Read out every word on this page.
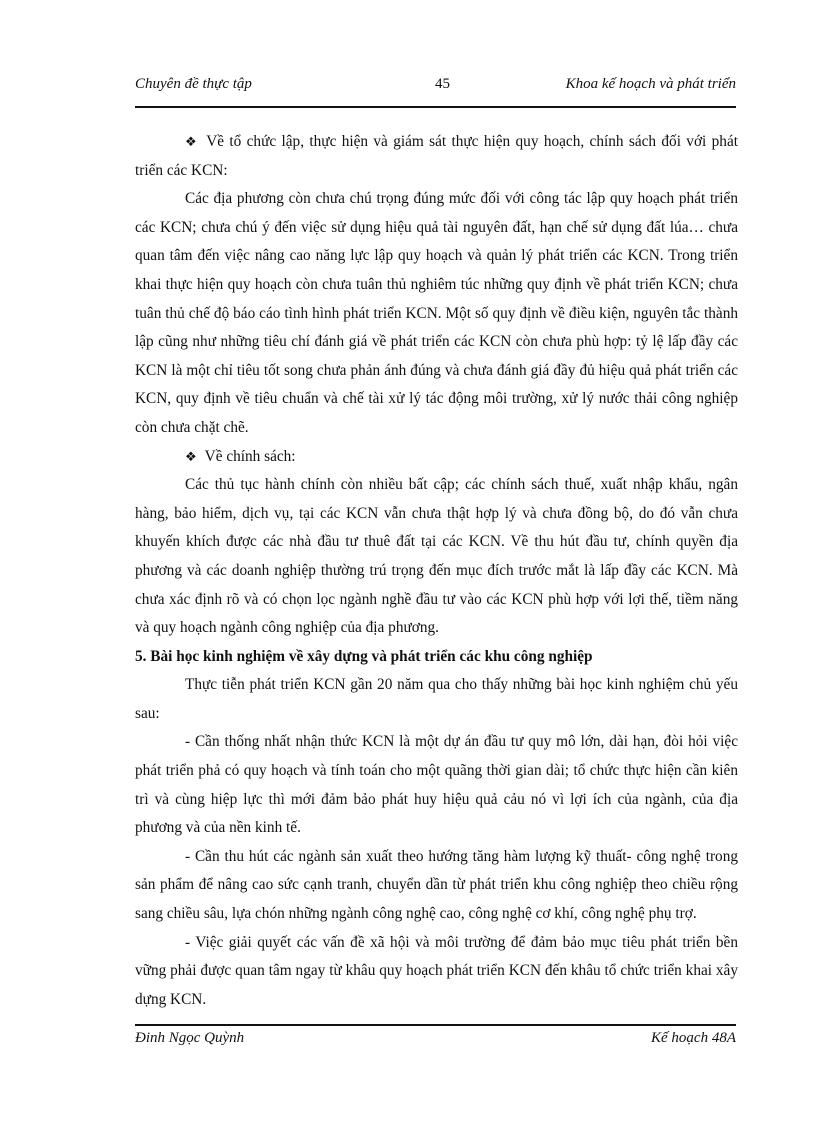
Chuyên đề thực tập	45	Khoa kế hoạch và phát triển

❖ Về tổ chức lập, thực hiện và giám sát thực hiện quy hoạch, chính sách đối với phát triển các KCN:

Các địa phương còn chưa chú trọng đúng mức đối với công tác lập quy hoạch phát triển các KCN; chưa chú ý đến việc sử dụng hiệu quả tài nguyên đất, hạn chế sử dụng đất lúa… chưa quan tâm đến việc nâng cao năng lực lập quy hoạch và quản lý phát triển các KCN. Trong triển khai thực hiện quy hoạch còn chưa tuân thủ nghiêm túc những quy định về phát triển KCN; chưa tuân thủ chế độ báo cáo tình hình phát triển KCN. Một số quy định về điều kiện, nguyên tắc thành lập cũng như những tiêu chí đánh giá về phát triển các KCN còn chưa phù hợp: tỷ lệ lấp đầy các KCN là một chỉ tiêu tốt song chưa phản ánh đúng và chưa đánh giá đầy đủ hiệu quả phát triển các KCN, quy định về tiêu chuẩn và chế tài xử lý tác động môi trường, xử lý nước thải công nghiệp còn chưa chặt chẽ.

❖ Về chính sách:

Các thủ tục hành chính còn nhiều bất cập; các chính sách thuế, xuất nhập khẩu, ngân hàng, bảo hiểm, dịch vụ, tại các KCN vẫn chưa thật hợp lý và chưa đồng bộ, do đó vẫn chưa khuyến khích được các nhà đầu tư thuê đất tại các KCN. Về thu hút đầu tư, chính quyền địa phương và các doanh nghiệp thường trú trọng đến mục đích trước mắt là lấp đầy các KCN. Mà chưa xác định rõ và có chọn lọc ngành nghề đầu tư vào các KCN phù hợp với lợi thế, tiềm năng và quy hoạch ngành công nghiệp của địa phương.

5. Bài học kinh nghiệm về xây dựng và phát triển các khu công nghiệp

Thực tiễn phát triển KCN gần 20 năm qua cho thấy những bài học kinh nghiệm chủ yếu sau:

- Cần thống nhất nhận thức KCN là một dự án đầu tư quy mô lớn, dài hạn, đòi hỏi việc phát triển phả có quy hoạch và tính toán cho một quãng thời gian dài; tổ chức thực hiện cần kiên trì và cùng hiệp lực thì mới đảm bảo phát huy hiệu quả cảu nó vì lợi ích của ngành, của địa phương và của nền kinh tế.

- Cần thu hút các ngành sản xuất theo hướng tăng hàm lượng kỹ thuất- công nghệ trong sản phẩm để nâng cao sức cạnh tranh, chuyển dần từ phát triển khu công nghiệp theo chiều rộng sang chiều sâu, lựa chón những ngành công nghệ cao, công nghệ cơ khí, công nghệ phụ trợ.

- Việc giải quyết các vấn đề xã hội và môi trường để đảm bảo mục tiêu phát triển bền vững phải được quan tâm ngay từ khâu quy hoạch phát triển KCN đến khâu tổ chức triển khai xây dựng KCN.

Đinh Ngọc Quỳnh	Kế hoạch 48A
